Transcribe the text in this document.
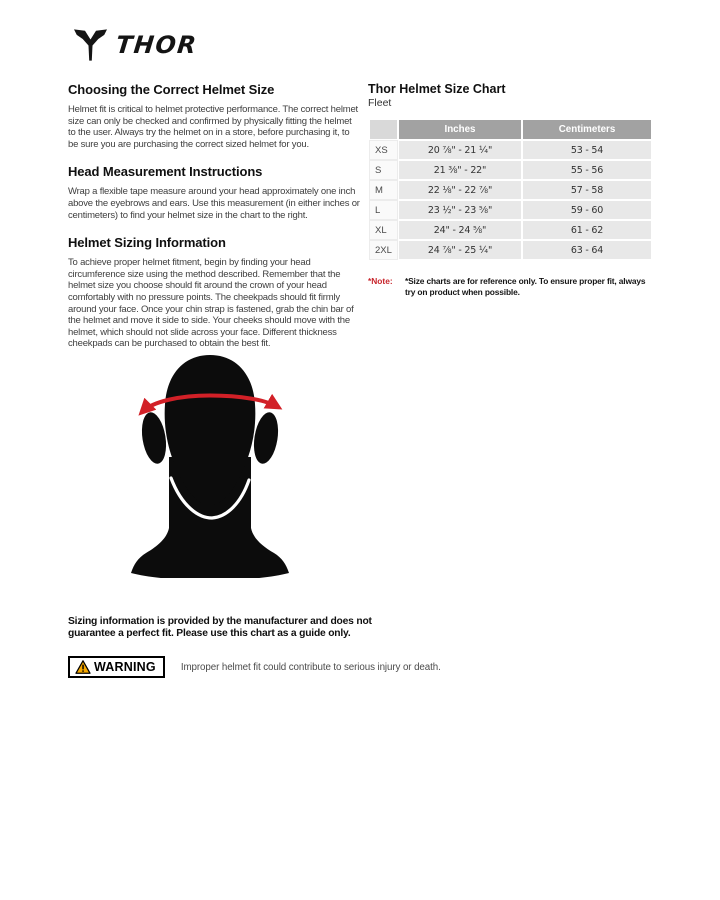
THOR
Choosing the Correct Helmet Size

Helmet fit is critical to helmet protective performance. The correct helmet size can only be checked and confirmed by physically fitting the helmet to the user. Always try the helmet on in a store, before purchasing it, to be sure you are purchasing the correct sized helmet for you.

Head Measurement Instructions

Wrap a flexible tape measure around your head approximately one inch above the eyebrows and ears. Use this measurement (in either inches or centimeters) to find your helmet size in the chart to the right.

Helmet Sizing Information

To achieve proper helmet fitment, begin by finding your head circumference size using the method described. Remember that the helmet size you choose should fit around the crown of your head comfortably with no pressure points. The cheekpads should fit firmly around your face. Once your chin strap is fastened, grab the chin bar of the helmet and move it side to side. Your cheeks should move with the helmet, which should not slide across your face. Different thickness cheekpads can be purchased to obtain the best fit.

Sizing information is provided by the manufacturer and does not guarantee a perfect fit. Please use this chart as a guide only.
WARNING	Improper helmet fit could contribute to serious injury or death.
Thor Helmet Size Chart
Fleet
	Inches	Centimeters
XS	20 ⅞" - 21 ¼"	53 - 54
S	21 ⅜" - 22"	55 - 56
M	22 ⅛" - 22 ⅞"	57 - 58
L	23 ½" - 23 ⅝"	59 - 60
XL	24" - 24 ⅝"	61 - 62
2XL	24 ⅞" - 25 ¼"	63 - 64
*Note:	*Size charts are for reference only. To ensure proper fit, always try on product when possible.
